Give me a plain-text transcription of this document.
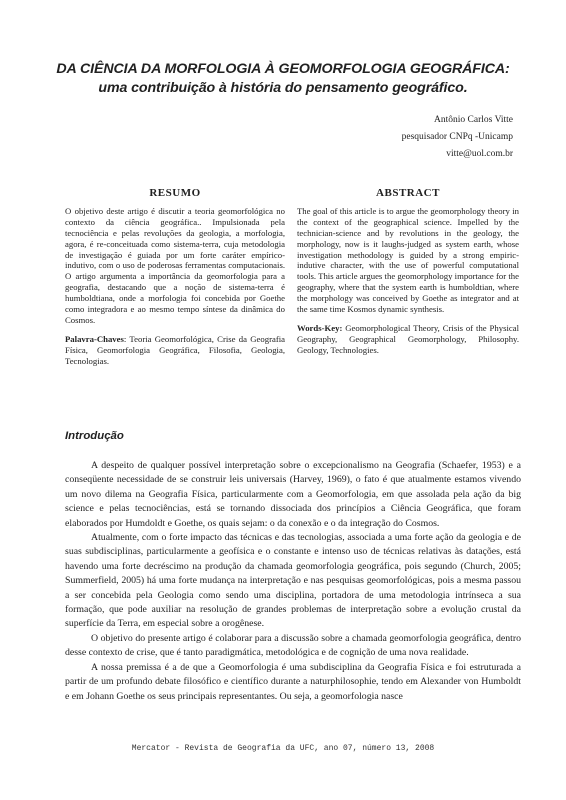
DA CIÊNCIA DA MORFOLOGIA À GEOMORFOLOGIA GEOGRÁFICA:
uma contribuição à história do pensamento geográfico.
Antônio Carlos Vitte
pesquisador CNPq -Unicamp
vitte@uol.com.br
RESUMO

O objetivo deste artigo é discutir a teoria geomorfológica no contexto da ciência geográfica.. Impulsionada pela tecnociência e pelas revoluções da geologia, a morfologia, agora, é re-conceituada como sistema-terra, cuja metodologia de investigação é guiada por um forte caráter empírico-indutivo, com o uso de poderosas ferramentas computacionais. O artigo argumenta a importância da geomorfologia para a geografia, destacando que a noção de sistema-terra é humboldtiana, onde a morfologia foi concebida por Goethe como integradora e ao mesmo tempo síntese da dinâmica do Cosmos.

Palavra-Chaves: Teoria Geomorfológica, Crise da Geografia Física, Geomorfologia Geográfica, Filosofia, Geologia, Tecnologias.

ABSTRACT

The goal of this article is to argue the geomorphology theory in the context of the geographical science. Impelled by the technician-science and by revolutions in the geology, the morphology, now is it laughs-judged as system earth, whose investigation methodology is guided by a strong empiric-indutive character, with the use of powerful computational tools. This article argues the geomorphology importance for the geography, where that the system earth is humboldtian, where the morphology was conceived by Goethe as integrator and at the same time Kosmos dynamic synthesis.

Words-Key: Geomorphological Theory, Crisis of the Physical Geography, Geographical Geomorphology, Philosophy. Geology, Technologies.

Introdução

A despeito de qualquer possível interpretação sobre o excepcionalismo na Geografia (Schaefer, 1953) e a conseqüente necessidade de se construir leis universais (Harvey, 1969), o fato é que atualmente estamos vivendo um novo dilema na Geografia Física, particularmente com a Geomorfologia, em que assolada pela ação da big science e pelas tecnociências, está se tornando dissociada dos princípios a Ciência Geográfica, que foram elaborados por Humdoldt e Goethe, os quais sejam: o da conexão e o da integração do Cosmos.

Atualmente, com o forte impacto das técnicas e das tecnologias, associada a uma forte ação da geologia e de suas subdisciplinas, particularmente a geofísica e o constante e intenso uso de técnicas relativas às datações, está havendo uma forte decréscimo na produção da chamada geomorfologia geográfica, pois segundo (Church, 2005; Summerfield, 2005) há uma forte mudança na interpretação e nas pesquisas geomorfológicas, pois a mesma passou a ser concebida pela Geologia como sendo uma disciplina, portadora de uma metodologia intrínseca a sua formação, que pode auxiliar na resolução de grandes problemas de interpretação sobre a evolução crustal da superfície da Terra, em especial sobre a orogênese.

O objetivo do presente artigo é colaborar para a discussão sobre a chamada geomorfologia geográfica, dentro desse contexto de crise, que é tanto paradigmática, metodológica e de cognição de uma nova realidade.

A nossa premissa é a de que a Geomorfologia é uma subdisciplina da Geografia Física e foi estruturada a partir de um profundo debate filosófico e científico durante a naturphilosophie, tendo em Alexander von Humboldt e em Johann Goethe os seus principais representantes. Ou seja, a geomorfologia nasce

Mercator - Revista de Geografia da UFC, ano 07, número 13, 2008
